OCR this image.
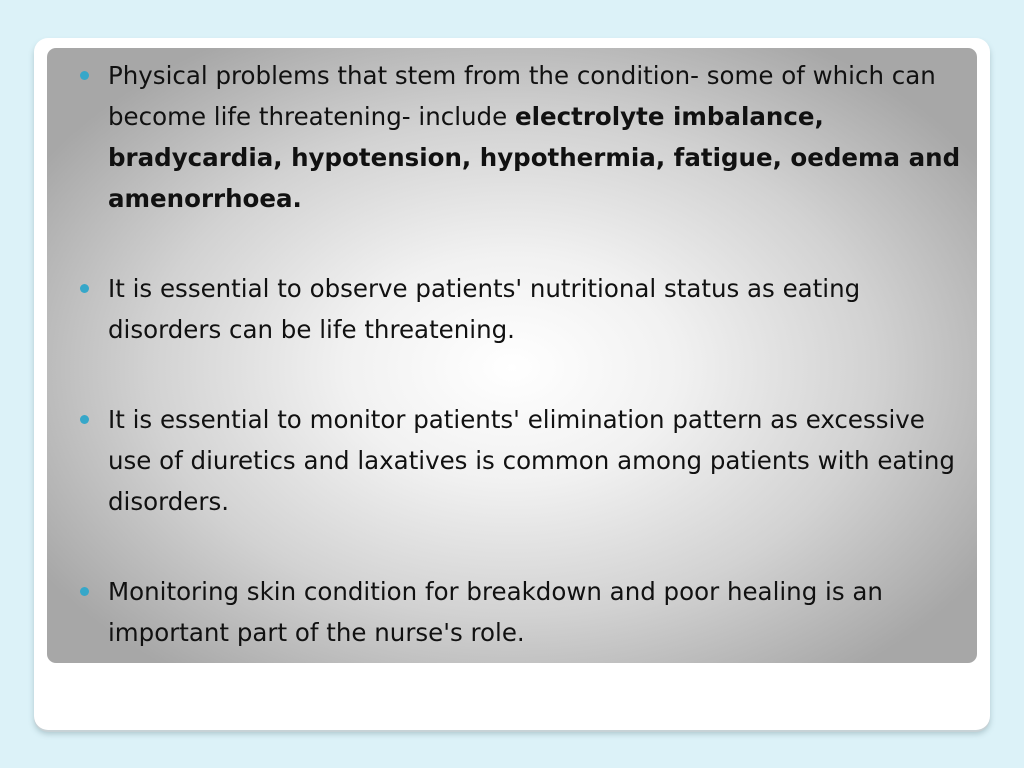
Physical problems that stem from the condition- some of which can become life threatening- include electrolyte imbalance, bradycardia, hypotension, hypothermia, fatigue, oedema and amenorrhoea.
It is essential to observe patients' nutritional status as eating disorders can be life threatening.
It is essential to monitor patients' elimination pattern as excessive use of diuretics and laxatives is common among patients with eating disorders.
Monitoring skin condition for breakdown and poor healing is an important part of the nurse's role.
